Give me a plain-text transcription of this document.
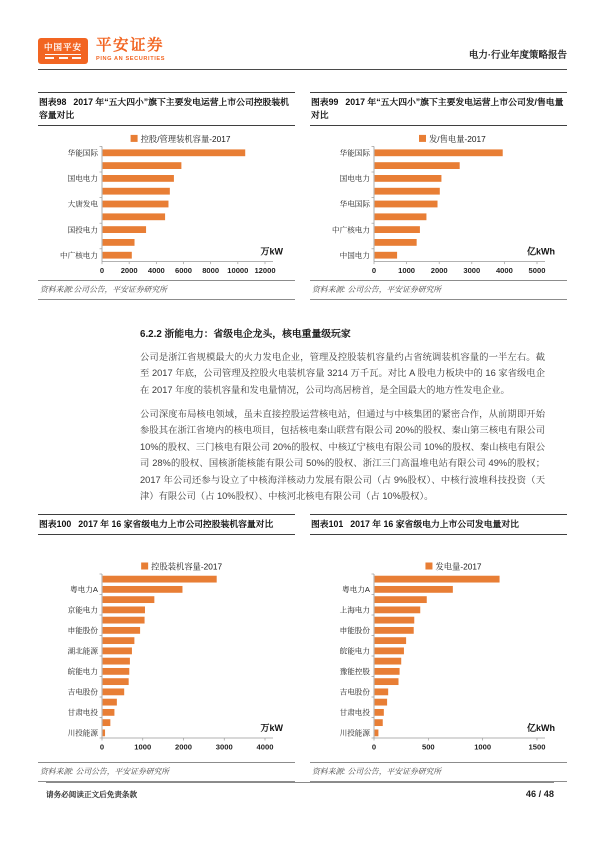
中国平安 平安证券
PING AN SECURITIES	电力·行业年度策略报告
图表98 2017 年“五大四小”旗下主要发电运营上市公司控股装机容量对比
控股/管理装机容量-2017
华能国际
国电电力
大唐发电
国投电力
中广核电力
0 2000 4000 6000 8000 10000 12000
万kW
资料来源:公司公告，平安证券研究所
图表99 2017 年“五大四小”旗下主要发电运营上市公司发/售电量对比
发/售电量-2017
华能国际
国电电力
华电国际
中广核电力
中国电力
0	1000 2000 3000 4000 5000
亿kWh
资料来源: 公司公告，平安证券研究所
6.2.2 浙能电力：省级电企龙头，核电重量级玩家

公司是浙江省规模最大的火力发电企业，管理及控股装机容量约占省统调装机容量的一半左右。截至 2017 年底，公司管理及控股火电装机容量 3214 万千瓦。对比 A 股电力板块中的 16 家省级电企在 2017 年度的装机容量和发电量情况，公司均高居榜首，是全国最大的地方性发电企业。

公司深度布局核电领域，虽未直接控股运营核电站，但通过与中核集团的紧密合作，从前期即开始参股其在浙江省境内的核电项目，包括核电秦山联营有限公司 20%的股权、秦山第三核电有限公司 10%的股权、三门核电有限公司 20%的股权、中核辽宁核电有限公司 10%的股权、秦山核电有限公司 28%的股权、国核浙能核能有限公司 50%的股权、浙江三门高温堆电站有限公司 49%的股权；2017 年公司还参与设立了中核海洋核动力发展有限公司（占 9%股权）、中核行波堆科技投资（天津）有限公司（占 10%股权）、中核河北核电有限公司（占 10%股权）。

图表100 2017 年 16 家省级电力上市公司控股装机容量对比
控股装机容量-2017
粤电力A
京能电力
申能股份
湖北能源
皖能电力
吉电股份
甘肃电投
川投能源
0	1000	2000	3000	4000
万kW
资料来源: 公司公告，平安证券研究所
图表101 2017 年 16 家省级电力上市公司发电量对比
发电量-2017
粤电力A
上海电力
申能股份
皖能电力
豫能控股
吉电股份
甘肃电投
川投能源
0	500	1000	1500
亿kWh
资料来源: 公司公告，平安证券研究所
请务必阅读正文后免责条款	46 / 48
